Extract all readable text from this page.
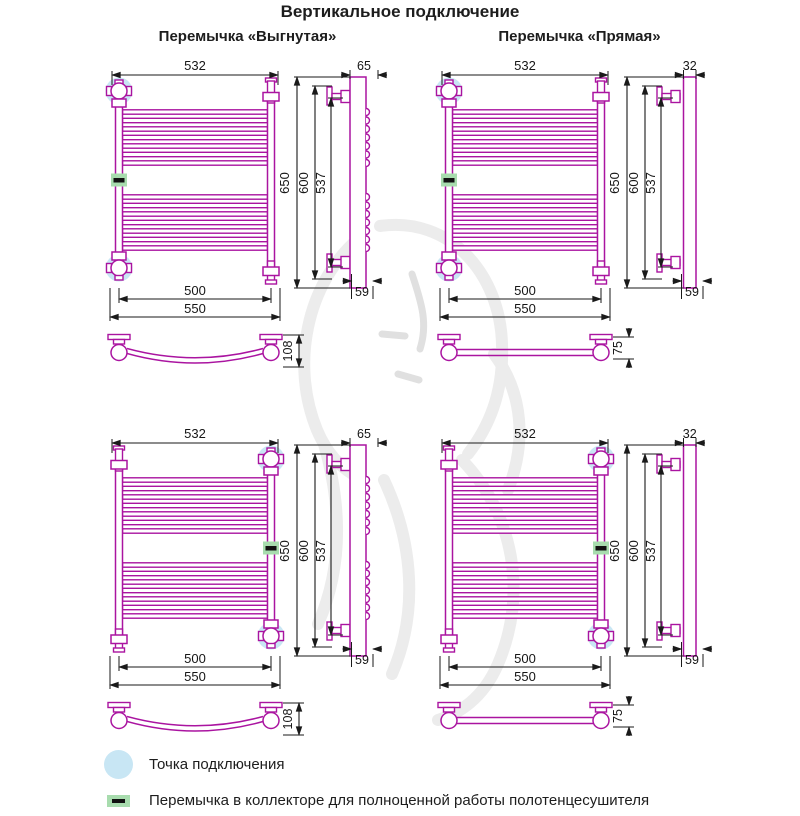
Вертикальное подключение
Перемычка «Выгнутая»	Перемычка «Прямая»
532
500
550
650 600 537
65
59
108
532
500
550
650 600 537
32
59
75
532
500
550
650 600 537
65
59
108
532
500
550
650 600 537
32
59
75
Точка подключения
Перемычка в коллекторе для полноценной работы полотенцесушителя
